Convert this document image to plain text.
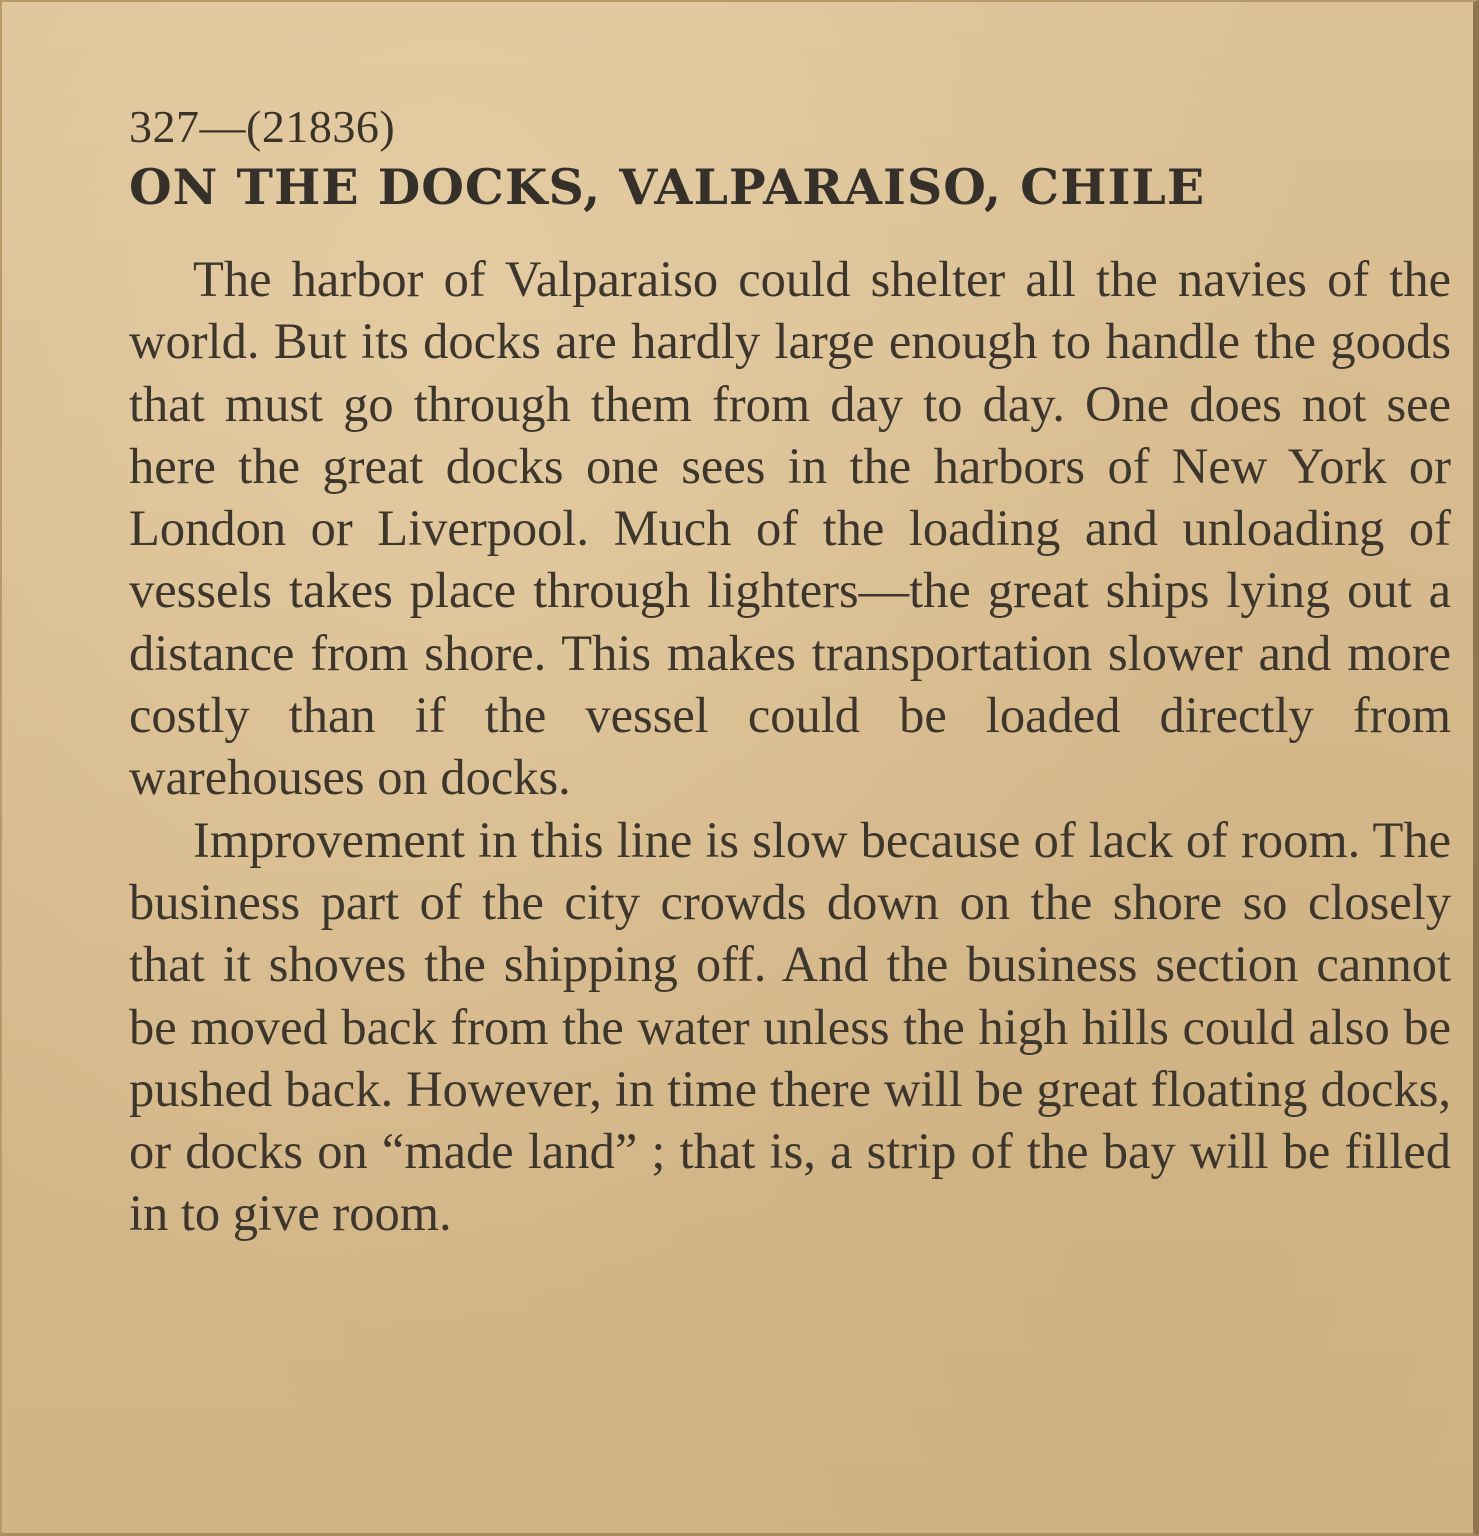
327—(21836)

ON THE DOCKS, VALPARAISO, CHILE

The harbor of Valparaiso could shelter all the navies of the world. But its docks are hardly large enough to handle the goods that must go through them from day to day. One does not see here the great docks one sees in the harbors of New York or London or Liverpool. Much of the loading and unloading of vessels takes place through lighters—the great ships lying out a distance from shore. This makes transportation slower and more costly than if the vessel could be loaded directly from warehouses on docks.

Improvement in this line is slow because of lack of room. The business part of the city crowds down on the shore so closely that it shoves the shipping off. And the business section cannot be moved back from the water unless the high hills could also be pushed back. However, in time there will be great floating docks, or docks on “made land” ; that is, a strip of the bay will be filled in to give room.
